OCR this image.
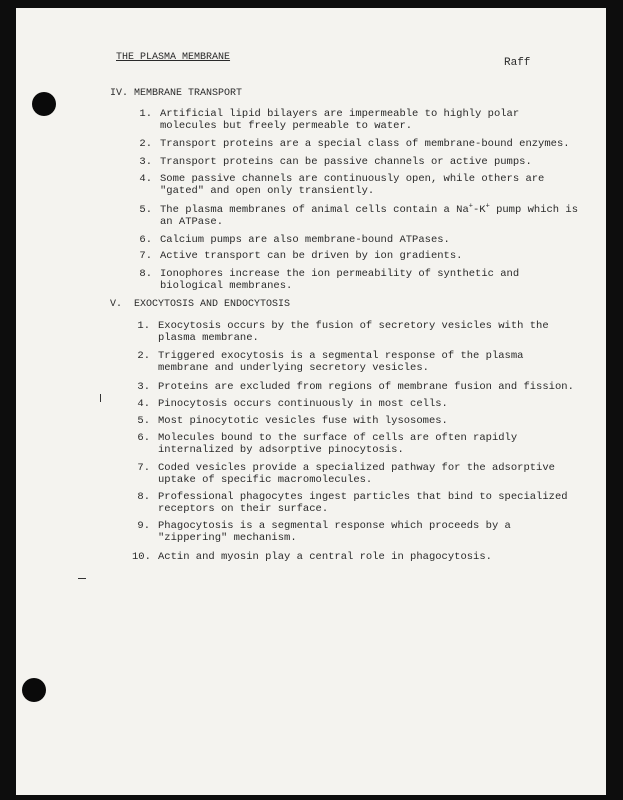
THE PLASMA MEMBRANE	Raff
IV. MEMBRANE TRANSPORT
1. Artificial lipid bilayers are impermeable to highly polar molecules but freely permeable to water.
2. Transport proteins are a special class of membrane-bound enzymes.
3. Transport proteins can be passive channels or active pumps.
4. Some passive channels are continuously open, while others are "gated" and open only transiently.
5. The plasma membranes of animal cells contain a Na+-K+ pump which is an ATPase.
6. Calcium pumps are also membrane-bound ATPases.
7. Active transport can be driven by ion gradients.
8. Ionophores increase the ion permeability of synthetic and biological membranes.
V. EXOCYTOSIS AND ENDOCYTOSIS
1. Exocytosis occurs by the fusion of secretory vesicles with the plasma membrane.
2. Triggered exocytosis is a segmental response of the plasma membrane and underlying secretory vesicles.
3. Proteins are excluded from regions of membrane fusion and fission.
4. Pinocytosis occurs continuously in most cells.
5. Most pinocytotic vesicles fuse with lysosomes.
6. Molecules bound to the surface of cells are often rapidly internalized by adsorptive pinocytosis.
7. Coded vesicles provide a specialized pathway for the adsorptive uptake of specific macromolecules.
8. Professional phagocytes ingest particles that bind to specialized receptors on their surface.
9. Phagocytosis is a segmental response which proceeds by a "zippering" mechanism.
10. Actin and myosin play a central role in phagocytosis.
